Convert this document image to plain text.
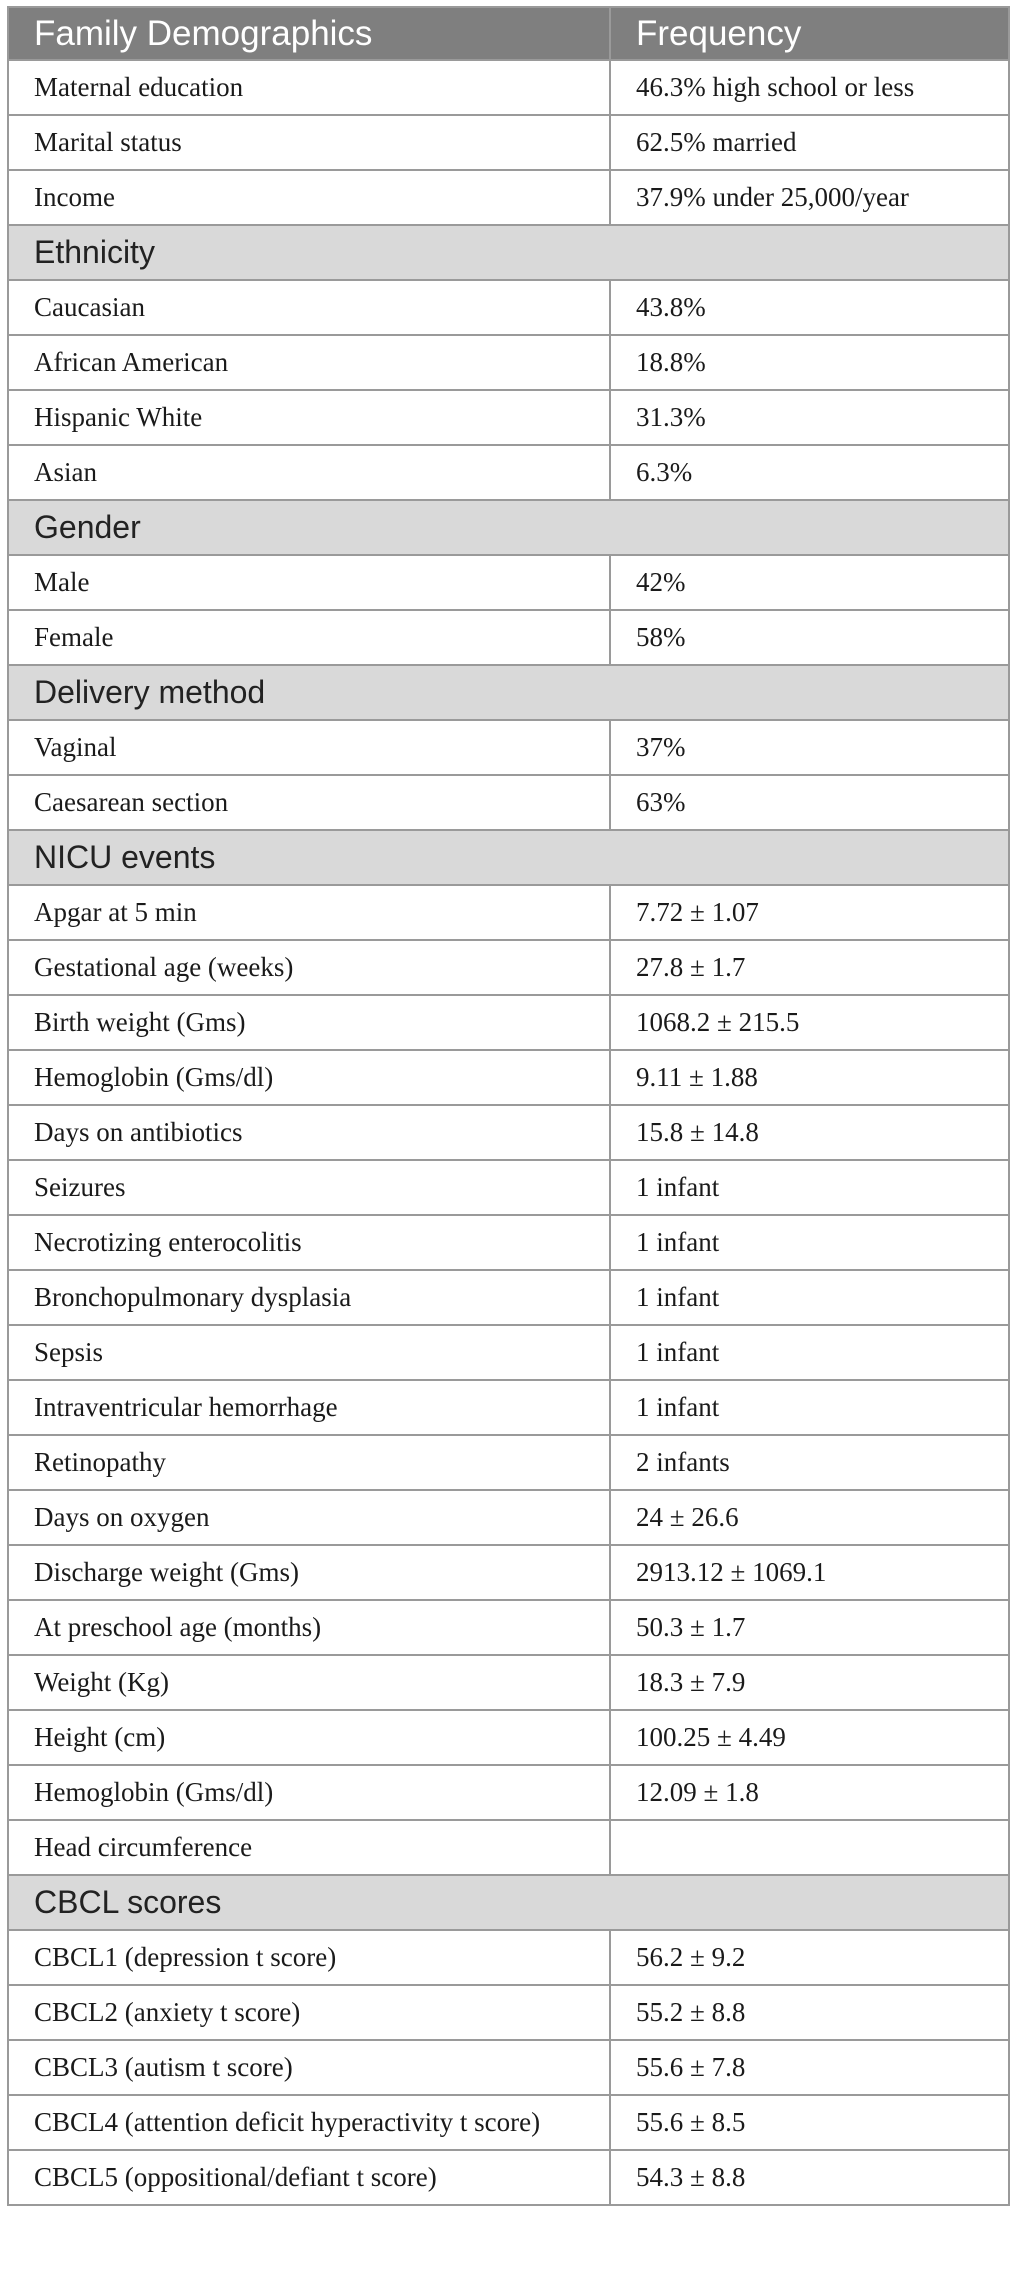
Family Demographics	Frequency
Maternal education	46.3% high school or less
Marital status	62.5% married
Income	37.9% under 25,000/year
Ethnicity	
Caucasian	43.8%
African American	18.8%
Hispanic White	31.3%
Asian	6.3%
Gender	
Male	42%
Female	58%
Delivery method	
Vaginal	37%
Caesarean section	63%
NICU events	
Apgar at 5 min	7.72 ± 1.07
Gestational age (weeks)	27.8 ± 1.7
Birth weight (Gms)	1068.2 ± 215.5
Hemoglobin (Gms/dl)	9.11 ± 1.88
Days on antibiotics	15.8 ± 14.8
Seizures	1 infant
Necrotizing enterocolitis	1 infant
Bronchopulmonary dysplasia	1 infant
Sepsis	1 infant
Intraventricular hemorrhage	1 infant
Retinopathy	2 infants
Days on oxygen	24 ± 26.6
Discharge weight (Gms)	2913.12 ± 1069.1
At preschool age (months)	50.3 ± 1.7
Weight (Kg)	18.3 ± 7.9
Height (cm)	100.25 ± 4.49
Hemoglobin (Gms/dl)	12.09 ± 1.8
Head circumference	
CBCL scores	
CBCL1 (depression t score)	56.2 ± 9.2
CBCL2 (anxiety t score)	55.2 ± 8.8
CBCL3 (autism t score)	55.6 ± 7.8
CBCL4 (attention deficit hyperactivity t score)	55.6 ± 8.5
CBCL5 (oppositional/defiant t score)	54.3 ± 8.8
